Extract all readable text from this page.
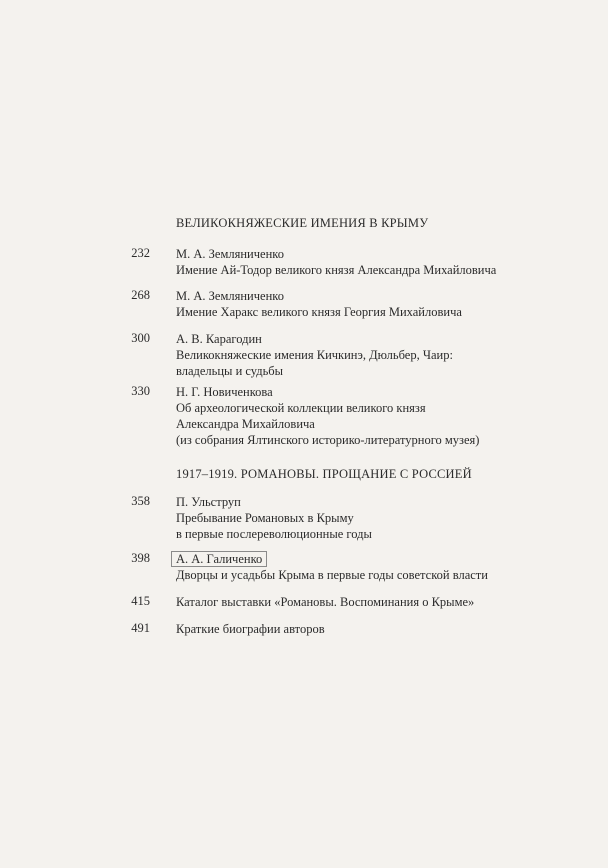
ВЕЛИКОКНЯЖЕСКИЕ ИМЕНИЯ В КРЫМУ
232 М. А. Земляниченко
Имение Ай-Тодор великого князя Александра Михайловича
268 М. А. Земляниченко
Имение Харакс великого князя Георгия Михайловича
300 А. В. Карагодин
Великокняжеские имения Кичкинэ, Дюльбер, Чаир:
владельцы и судьбы
330 Н. Г. Новиченкова
Об археологической коллекции великого князя
Александра Михайловича
(из собрания Ялтинского историко-литературного музея)
1917–1919. РОМАНОВЫ. ПРОЩАНИЕ С РОССИЕЙ
358 П. Ульструп
Пребывание Романовых в Крыму
в первые послереволюционные годы
398 А. А. Галиченко
Дворцы и усадьбы Крыма в первые годы советской власти
415 Каталог выставки «Романовы. Воспоминания о Крыме»
491 Краткие биографии авторов
